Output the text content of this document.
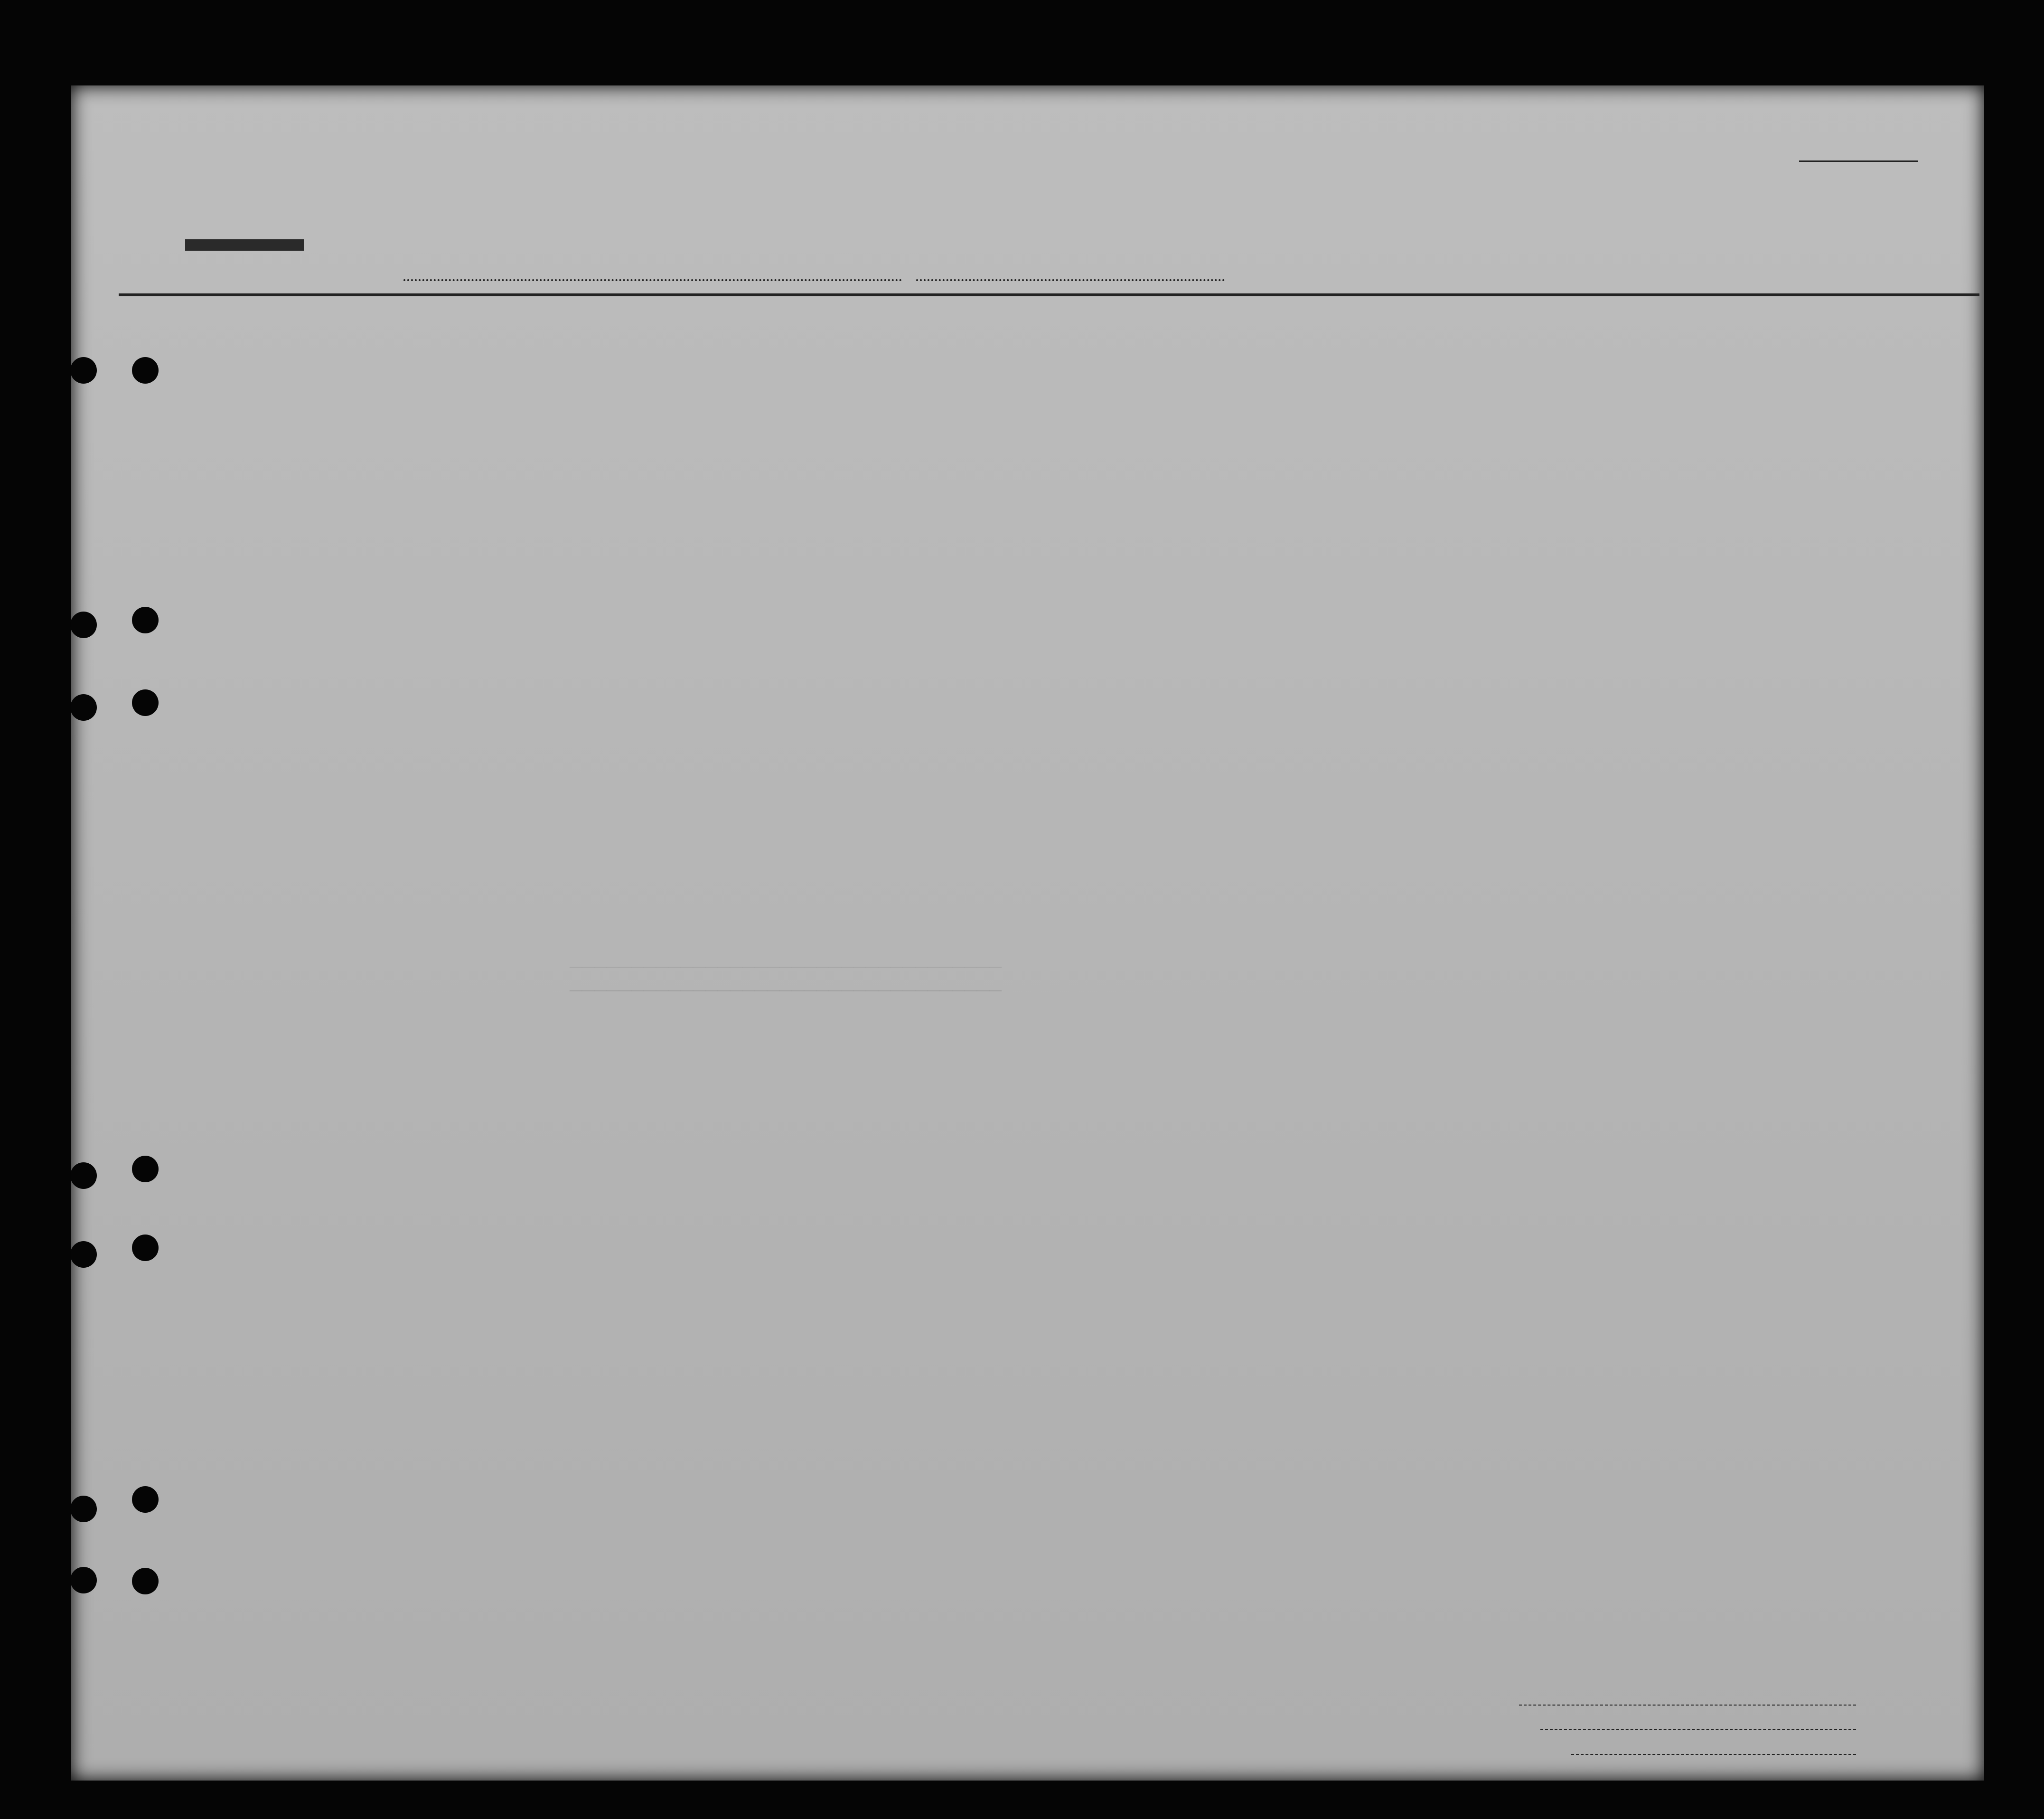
———————————————————————————————————
———————————————————————————————————
